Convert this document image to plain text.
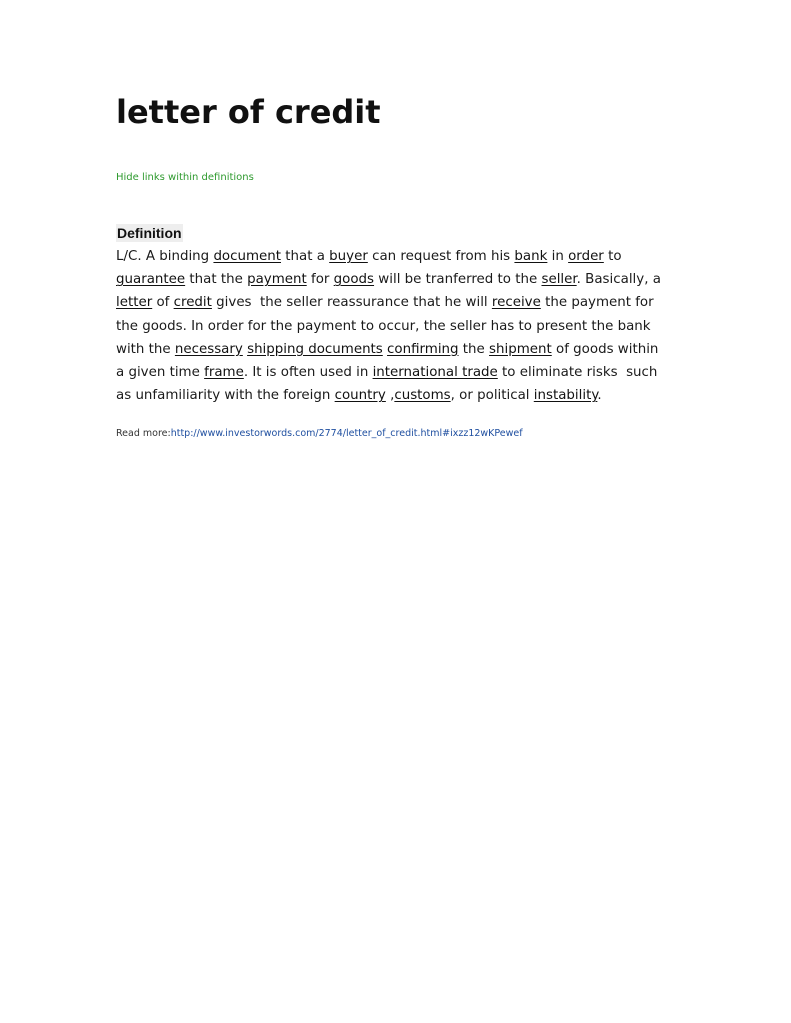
letter of credit
Hide links within definitions
Definition
L/C. A binding document that a buyer can request from his bank in order to
guarantee that the payment for goods will be tranferred to the seller. Basically, a
letter of credit gives  the seller reassurance that he will receive the payment for
the goods. In order for the payment to occur, the seller has to present the bank
with the necessary shipping documents confirming the shipment of goods within
a given time frame. It is often used in international trade to eliminate risks  such
as unfamiliarity with the foreign country ,customs, or political instability.
Read more:http://www.investorwords.com/2774/letter_of_credit.html#ixzz12wKPewef
